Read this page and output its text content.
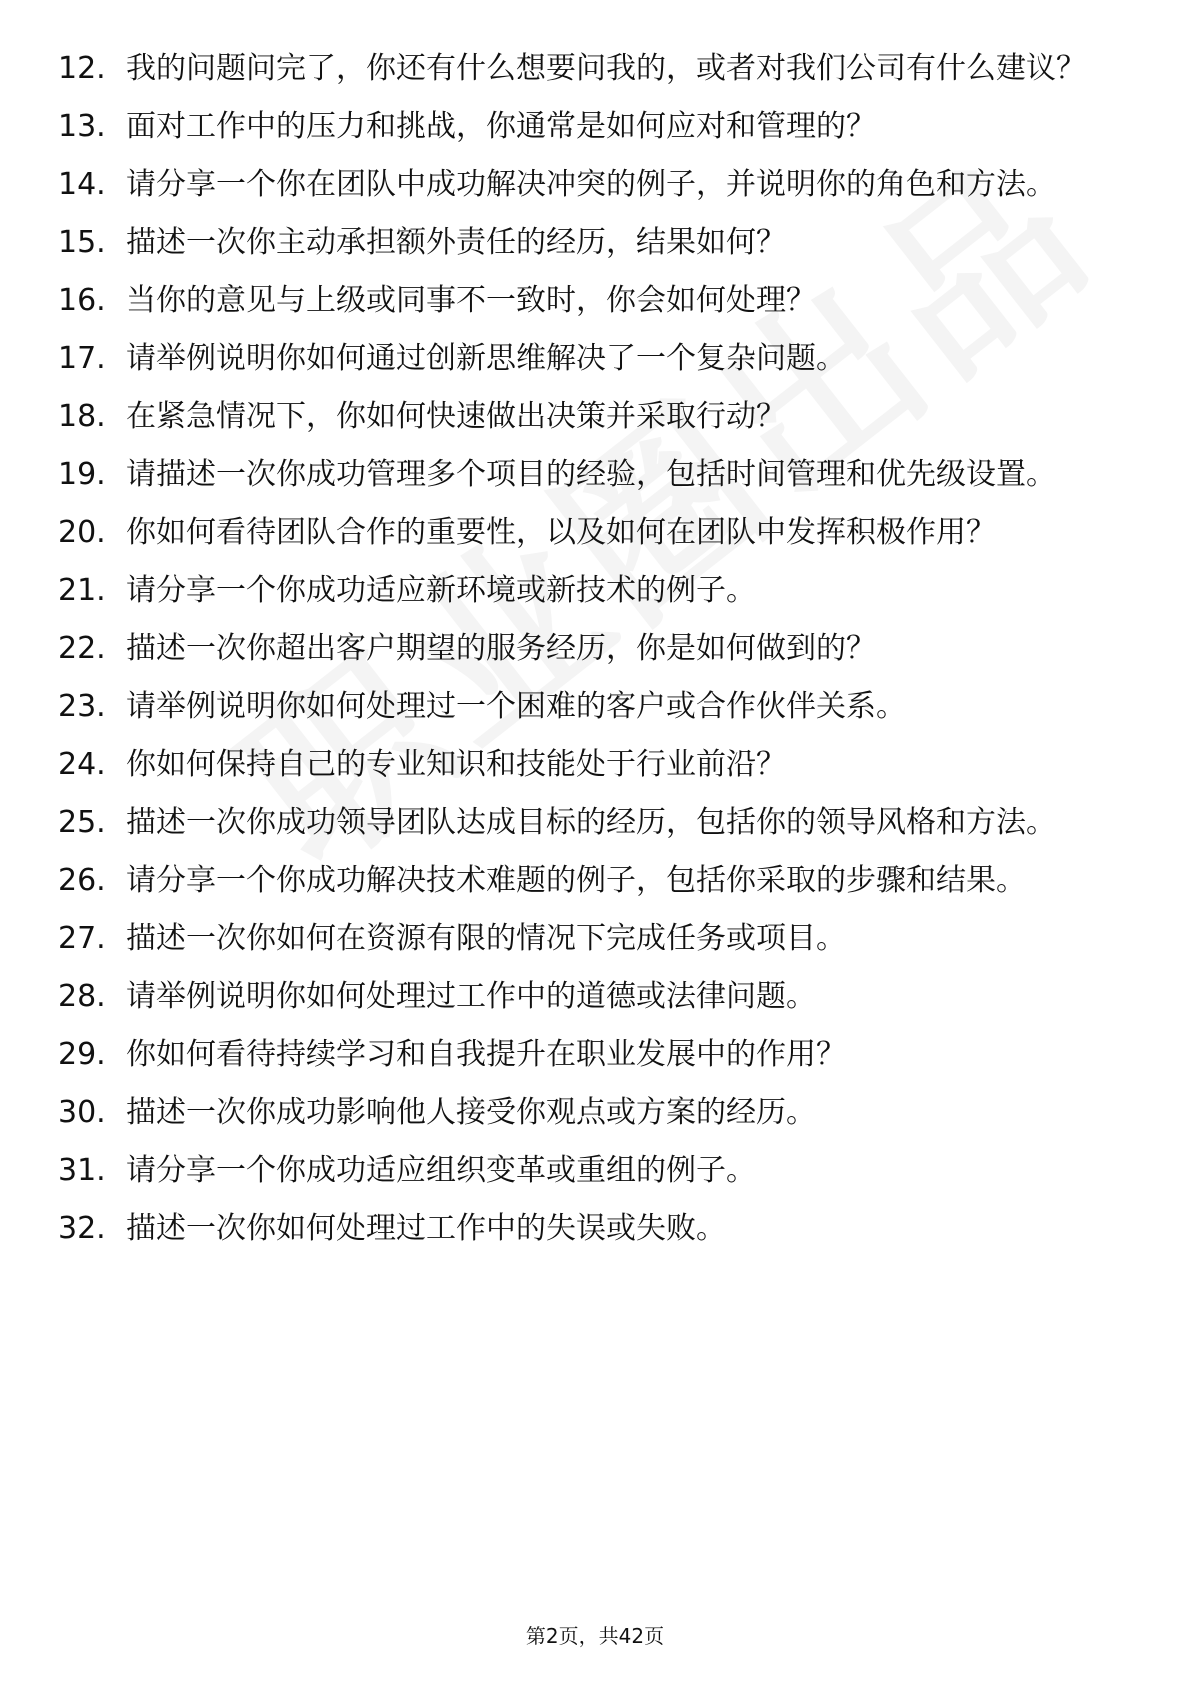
12. 我的问题问完了，你还有什么想要问我的，或者对我们公司有什么建议？
13. 面对工作中的压力和挑战，你通常是如何应对和管理的？
14. 请分享一个你在团队中成功解决冲突的例子，并说明你的角色和方法。
15. 描述一次你主动承担额外责任的经历，结果如何？
16. 当你的意见与上级或同事不一致时，你会如何处理？
17. 请举例说明你如何通过创新思维解决了一个复杂问题。
18. 在紧急情况下，你如何快速做出决策并采取行动？
19. 请描述一次你成功管理多个项目的经验，包括时间管理和优先级设置。
20. 你如何看待团队合作的重要性，以及如何在团队中发挥积极作用？
21. 请分享一个你成功适应新环境或新技术的例子。
22. 描述一次你超出客户期望的服务经历，你是如何做到的？
23. 请举例说明你如何处理过一个困难的客户或合作伙伴关系。
24. 你如何保持自己的专业知识和技能处于行业前沿？
25. 描述一次你成功领导团队达成目标的经历，包括你的领导风格和方法。
26. 请分享一个你成功解决技术难题的例子，包括你采取的步骤和结果。
27. 描述一次你如何在资源有限的情况下完成任务或项目。
28. 请举例说明你如何处理过工作中的道德或法律问题。
29. 你如何看待持续学习和自我提升在职业发展中的作用？
30. 描述一次你成功影响他人接受你观点或方案的经历。
31. 请分享一个你成功适应组织变革或重组的例子。
32. 描述一次你如何处理过工作中的失误或失败。
第2页，共42页
